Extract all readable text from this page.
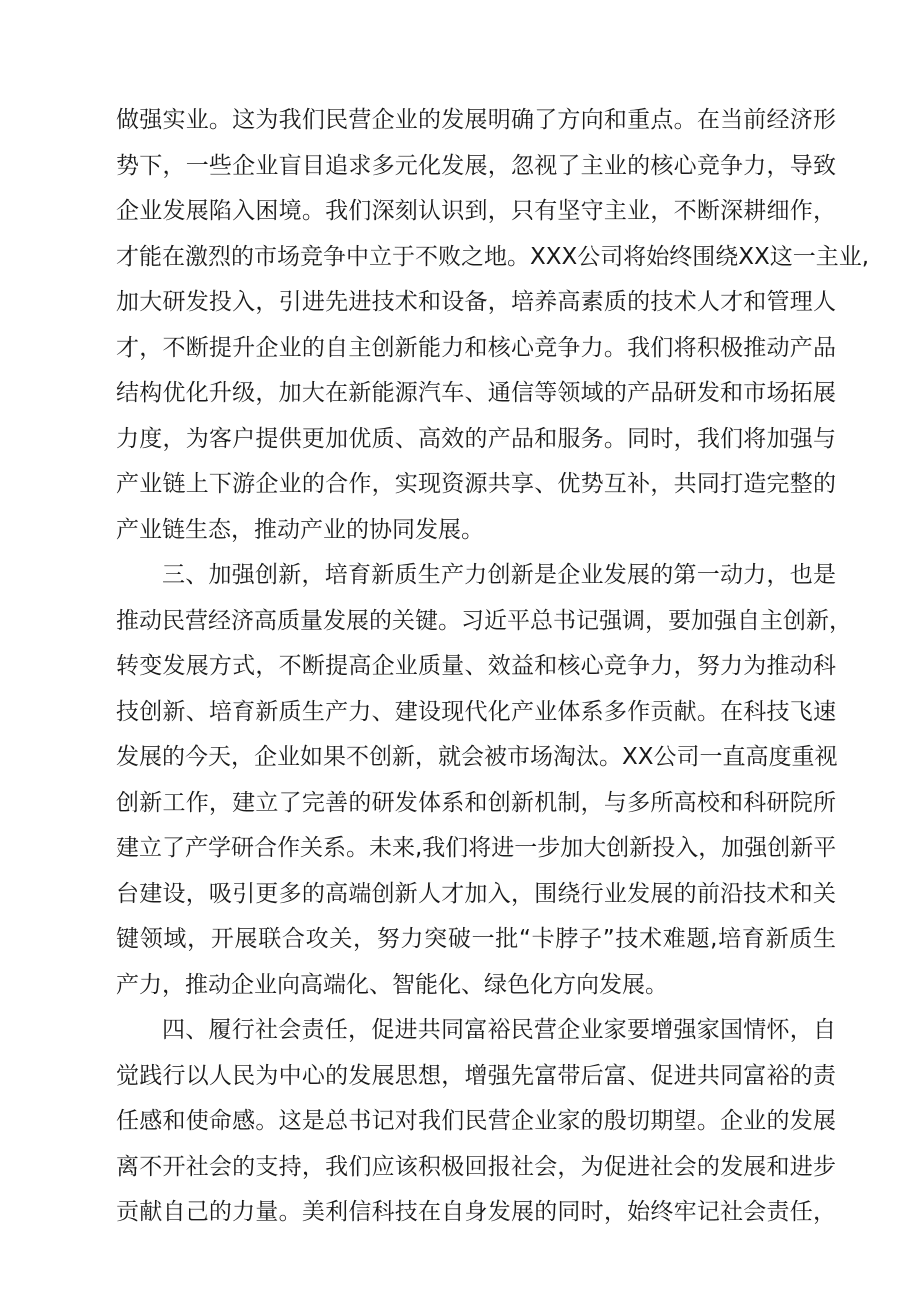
做强实业。这为我们民营企业的发展明确了方向和重点。在当前经济形
势下，一些企业盲目追求多元化发展，忽视了主业的核心竞争力，导致
企业发展陷入困境。我们深刻认识到，只有坚守主业，不断深耕细作，
才能在激烈的市场竞争中立于不败之地。XXX公司将始终围绕XX这一主业,
加大研发投入，引进先进技术和设备，培养高素质的技术人才和管理人
才，不断提升企业的自主创新能力和核心竞争力。我们将积极推动产品
结构优化升级，加大在新能源汽车、通信等领域的产品研发和市场拓展
力度，为客户提供更加优质、高效的产品和服务。同时，我们将加强与
产业链上下游企业的合作，实现资源共享、优势互补，共同打造完整的
产业链生态，推动产业的协同发展。
三、加强创新，培育新质生产力创新是企业发展的第一动力，也是
推动民营经济高质量发展的关键。习近平总书记强调，要加强自主创新，
转变发展方式，不断提高企业质量、效益和核心竞争力，努力为推动科
技创新、培育新质生产力、建设现代化产业体系多作贡献。在科技飞速
发展的今天，企业如果不创新，就会被市场淘汰。XX公司一直高度重视
创新工作，建立了完善的研发体系和创新机制，与多所高校和科研院所
建立了产学研合作关系。未来,我们将进一步加大创新投入，加强创新平
台建设，吸引更多的高端创新人才加入，围绕行业发展的前沿技术和关
键领域，开展联合攻关，努力突破一批“卡脖子”技术难题,培育新质生
产力，推动企业向高端化、智能化、绿色化方向发展。
四、履行社会责任，促进共同富裕民营企业家要增强家国情怀，自
觉践行以人民为中心的发展思想，增强先富带后富、促进共同富裕的责
任感和使命感。这是总书记对我们民营企业家的殷切期望。企业的发展
离不开社会的支持，我们应该积极回报社会，为促进社会的发展和进步
贡献自己的力量。美利信科技在自身发展的同时，始终牢记社会责任，
